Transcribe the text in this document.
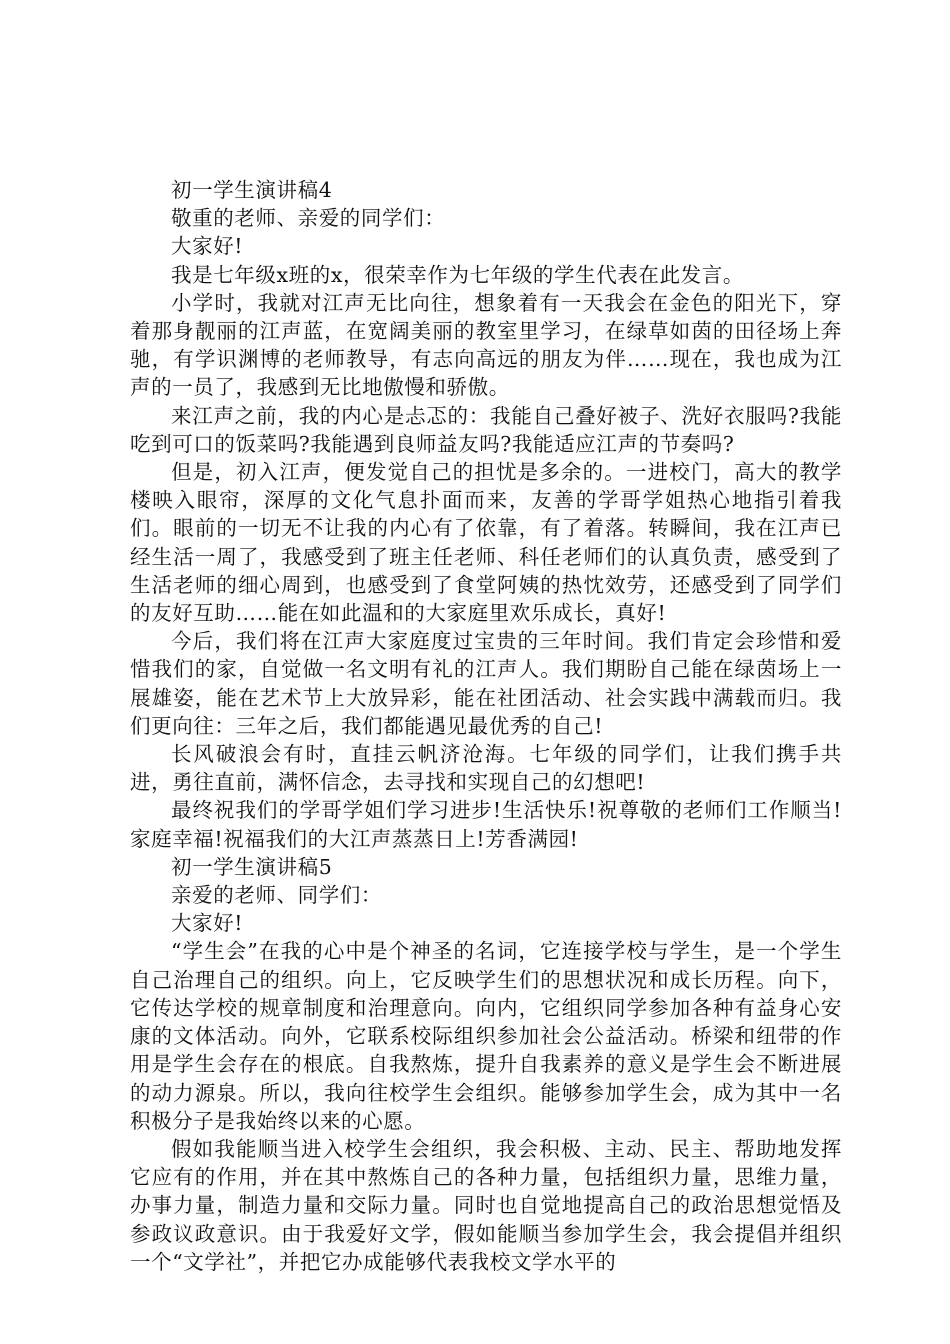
初一学生演讲稿4

敬重的老师、亲爱的同学们：

大家好!

我是七年级x班的x，很荣幸作为七年级的学生代表在此发言。

小学时，我就对江声无比向往，想象着有一天我会在金色的阳光下，穿着那身靓丽的江声蓝，在宽阔美丽的教室里学习，在绿草如茵的田径场上奔驰，有学识渊博的老师教导，有志向高远的朋友为伴……现在，我也成为江声的一员了，我感到无比地傲慢和骄傲。

来江声之前，我的内心是忐忑的：我能自己叠好被子、洗好衣服吗?我能吃到可口的饭菜吗?我能遇到良师益友吗?我能适应江声的节奏吗?

但是，初入江声，便发觉自己的担忧是多余的。一进校门，高大的教学楼映入眼帘，深厚的文化气息扑面而来，友善的学哥学姐热心地指引着我们。眼前的一切无不让我的内心有了依靠，有了着落。转瞬间，我在江声已经生活一周了，我感受到了班主任老师、科任老师们的认真负责，感受到了生活老师的细心周到，也感受到了食堂阿姨的热忱效劳，还感受到了同学们的友好互助……能在如此温和的大家庭里欢乐成长，真好!

今后，我们将在江声大家庭度过宝贵的三年时间。我们肯定会珍惜和爱惜我们的家，自觉做一名文明有礼的江声人。我们期盼自己能在绿茵场上一展雄姿，能在艺术节上大放异彩，能在社团活动、社会实践中满载而归。我们更向往：三年之后，我们都能遇见最优秀的自己!

长风破浪会有时，直挂云帆济沧海。七年级的同学们，让我们携手共进，勇往直前，满怀信念，去寻找和实现自己的幻想吧!

最终祝我们的学哥学姐们学习进步!生活快乐!祝尊敬的老师们工作顺当!家庭幸福!祝福我们的大江声蒸蒸日上!芳香满园!

初一学生演讲稿5

亲爱的老师、同学们：

大家好!

“学生会”在我的心中是个神圣的名词，它连接学校与学生，是一个学生自己治理自己的组织。向上，它反映学生们的思想状况和成长历程。向下，它传达学校的规章制度和治理意向。向内，它组织同学参加各种有益身心安康的文体活动。向外，它联系校际组织参加社会公益活动。桥梁和纽带的作用是学生会存在的根底。自我熬炼，提升自我素养的意义是学生会不断进展的动力源泉。所以，我向往校学生会组织。能够参加学生会，成为其中一名积极分子是我始终以来的心愿。

假如我能顺当进入校学生会组织，我会积极、主动、民主、帮助地发挥它应有的作用，并在其中熬炼自己的各种力量，包括组织力量，思维力量，办事力量，制造力量和交际力量。同时也自觉地提高自己的政治思想觉悟及参政议政意识。由于我爱好文学，假如能顺当参加学生会，我会提倡并组织一个“文学社”，并把它办成能够代表我校文学水平的
